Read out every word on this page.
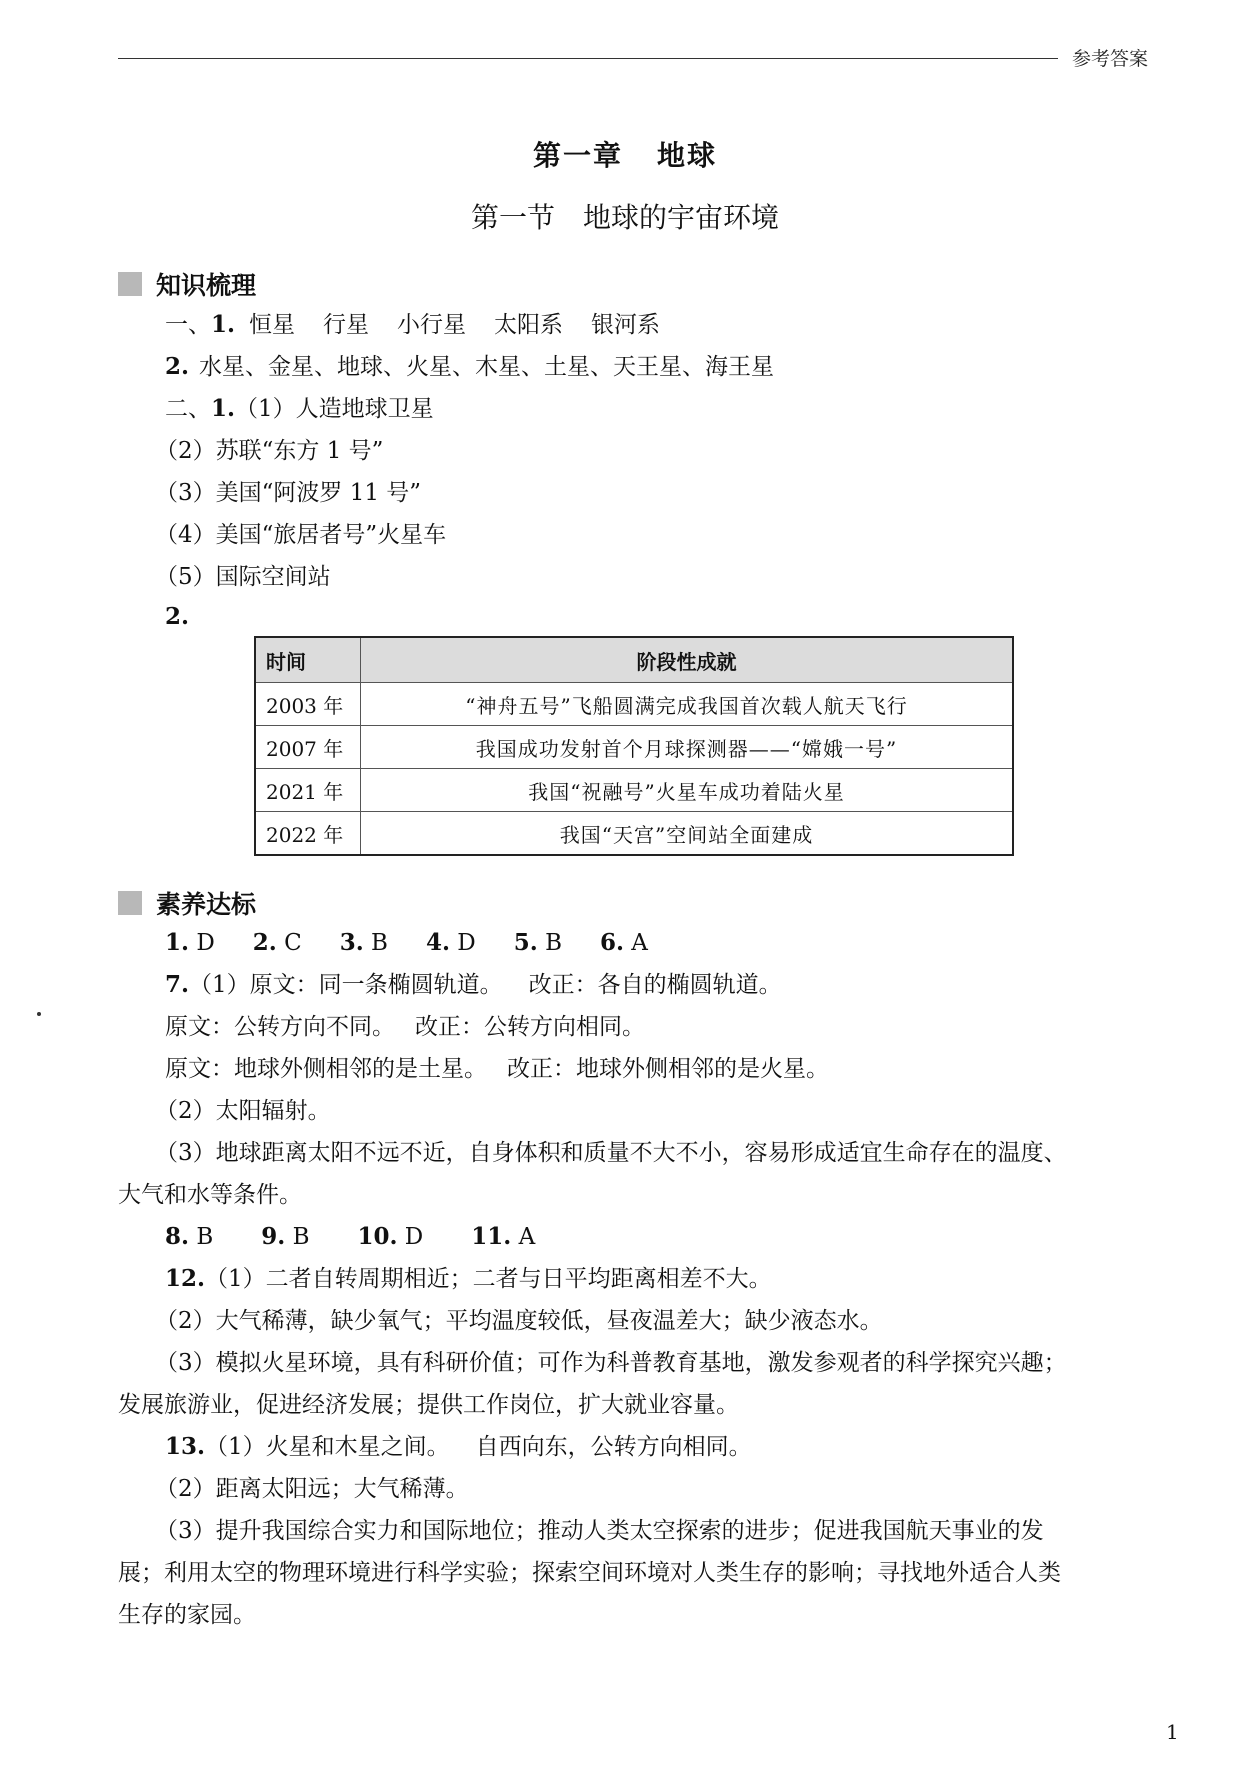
参考答案
第一章 地球
第一节 地球的宇宙环境
知识梳理
一、1. 恒星 行星 小行星 太阳系 银河系
2. 水星、金星、地球、火星、木星、土星、天王星、海王星
二、1.（1）人造地球卫星
（2）苏联“东方 1 号”
（3）美国“阿波罗 11 号”
（4）美国“旅居者号”火星车
（5）国际空间站
2.
时间	阶段性成就
2003 年	“神舟五号”飞船圆满完成我国首次载人航天飞行
2007 年	我国成功发射首个月球探测器——“嫦娥一号”
2021 年	我国“祝融号”火星车成功着陆火星
2022 年	我国“天宫”空间站全面建成
素养达标
1. D 2. C 3. B 4. D 5. B 6. A
7.（1）原文：同一条椭圆轨道。 改正：各自的椭圆轨道。
原文：公转方向不同。 改正：公转方向相同。
原文：地球外侧相邻的是土星。 改正：地球外侧相邻的是火星。
（2）太阳辐射。
（3）地球距离太阳不远不近，自身体积和质量不大不小，容易形成适宜生命存在的温度、
大气和水等条件。
8. B 9. B 10. D 11. A
12.（1）二者自转周期相近；二者与日平均距离相差不大。
（2）大气稀薄，缺少氧气；平均温度较低，昼夜温差大；缺少液态水。
（3）模拟火星环境，具有科研价值；可作为科普教育基地，激发参观者的科学探究兴趣；
发展旅游业，促进经济发展；提供工作岗位，扩大就业容量。
13.（1）火星和木星之间。 自西向东，公转方向相同。
（2）距离太阳远；大气稀薄。
（3）提升我国综合实力和国际地位；推动人类太空探索的进步；促进我国航天事业的发
展；利用太空的物理环境进行科学实验；探索空间环境对人类生存的影响；寻找地外适合人类
生存的家园。
1
